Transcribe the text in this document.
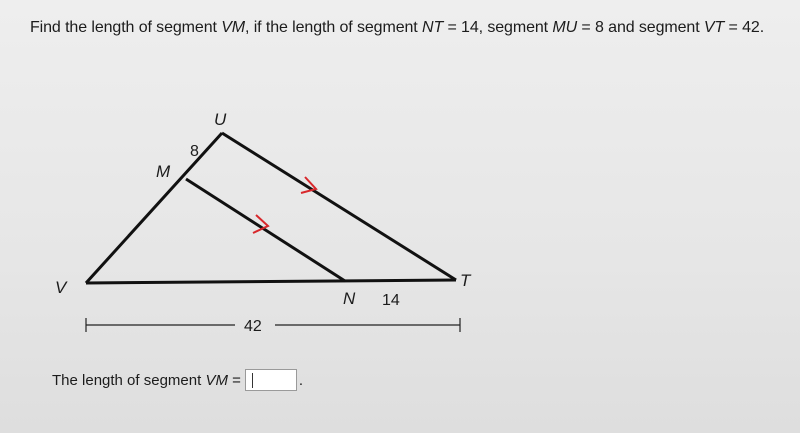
Find the length of segment VM, if the length of segment NT = 14, segment MU = 8 and segment VT = 42.
U
M
V	T
N
8
14
42
The length of segment VM =	.
